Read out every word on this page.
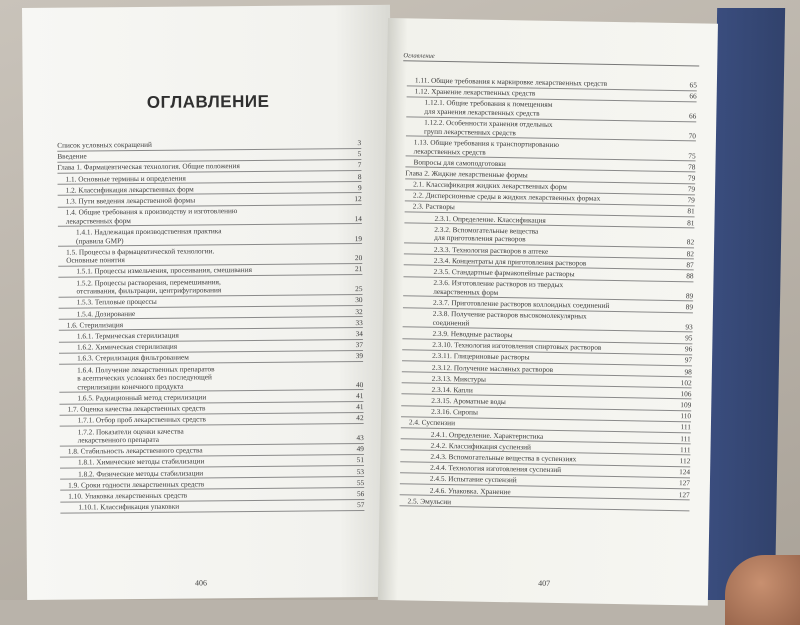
ОГЛАВЛЕНИЕ
Список условных сокращений	3
Введение	5
Глава 1. Фармацевтическая технология. Общие положения	7
1.1. Основные термины и определения	8
1.2. Классификация лекарственных форм	9
1.3. Пути введения лекарственной формы	12
1.4. Общие требования к производству и изготовлению
лекарственных форм	14
1.4.1. Надлежащая производственная практика
(правила GMP)	19
1.5. Процессы в фармацевтической технологии.
Основные понятия	20
1.5.1. Процессы измельчения, просеивания, смешивания	21
1.5.2. Процессы растворения, перемешивания,
отстаивания, фильтрации, центрифугирования	25
1.5.3. Тепловые процессы	30
1.5.4. Дозирование	32
1.6. Стерилизация	33
1.6.1. Термическая стерилизация	34
1.6.2. Химическая стерилизация	37
1.6.3. Стерилизация фильтрованием	39
1.6.4. Получение лекарственных препаратов
в асептических условиях без последующей
стерилизации конечного продукта	40
1.6.5. Радиационный метод стерилизации	41
1.7. Оценка качества лекарственных средств	41
1.7.1. Отбор проб лекарственных средств	42
1.7.2. Показатели оценки качества
лекарственного препарата	43
1.8. Стабильность лекарственного средства	49
1.8.1. Химические методы стабилизации	51
1.8.2. Физические методы стабилизации	53
1.9. Сроки годности лекарственных средств	55
1.10. Упаковка лекарственных средств	56
1.10.1. Классификация упаковки	57
406
Оглавление
1.11. Общие требования к маркировке лекарственных средств	65
1.12. Хранение лекарственных средств	66
1.12.1. Общие требования к помещениям
для хранения лекарственных средств	66
1.12.2. Особенности хранения отдельных
групп лекарственных средств	70
1.13. Общие требования к транспортированию
лекарственных средств	75
Вопросы для самоподготовки	78
Глава 2. Жидкие лекарственные формы	79
2.1. Классификация жидких лекарственных форм	79
2.2. Дисперсионные среды в жидких лекарственных формах	79
2.3. Растворы	81
2.3.1. Определение. Классификация	81
2.3.2. Вспомогательные вещества
для приготовления растворов	82
2.3.3. Технология растворов в аптеке	82
2.3.4. Концентраты для приготовления растворов	87
2.3.5. Стандартные фармакопейные растворы	88
2.3.6. Изготовление растворов из твердых
лекарственных форм	89
2.3.7. Приготовление растворов коллоидных соединений	89
2.3.8. Получение растворов высокомолекулярных
соединений	93
2.3.9. Неводные растворы	95
2.3.10. Технология изготовления спиртовых растворов	96
2.3.11. Глицериновые растворы	97
2.3.12. Получение масляных растворов	98
2.3.13. Микстуры	102
2.3.14. Капли	106
2.3.15. Ароматные воды	109
2.3.16. Сиропы	110
2.4. Суспензии	111
2.4.1. Определение. Характеристика	111
2.4.2. Классификация суспензий	111
2.4.3. Вспомогательные вещества в суспензиях	112
2.4.4. Технология изготовления суспензий	124
2.4.5. Испытание суспензий	127
2.4.6. Упаковка. Хранение	127
2.5. Эмульсии
407
